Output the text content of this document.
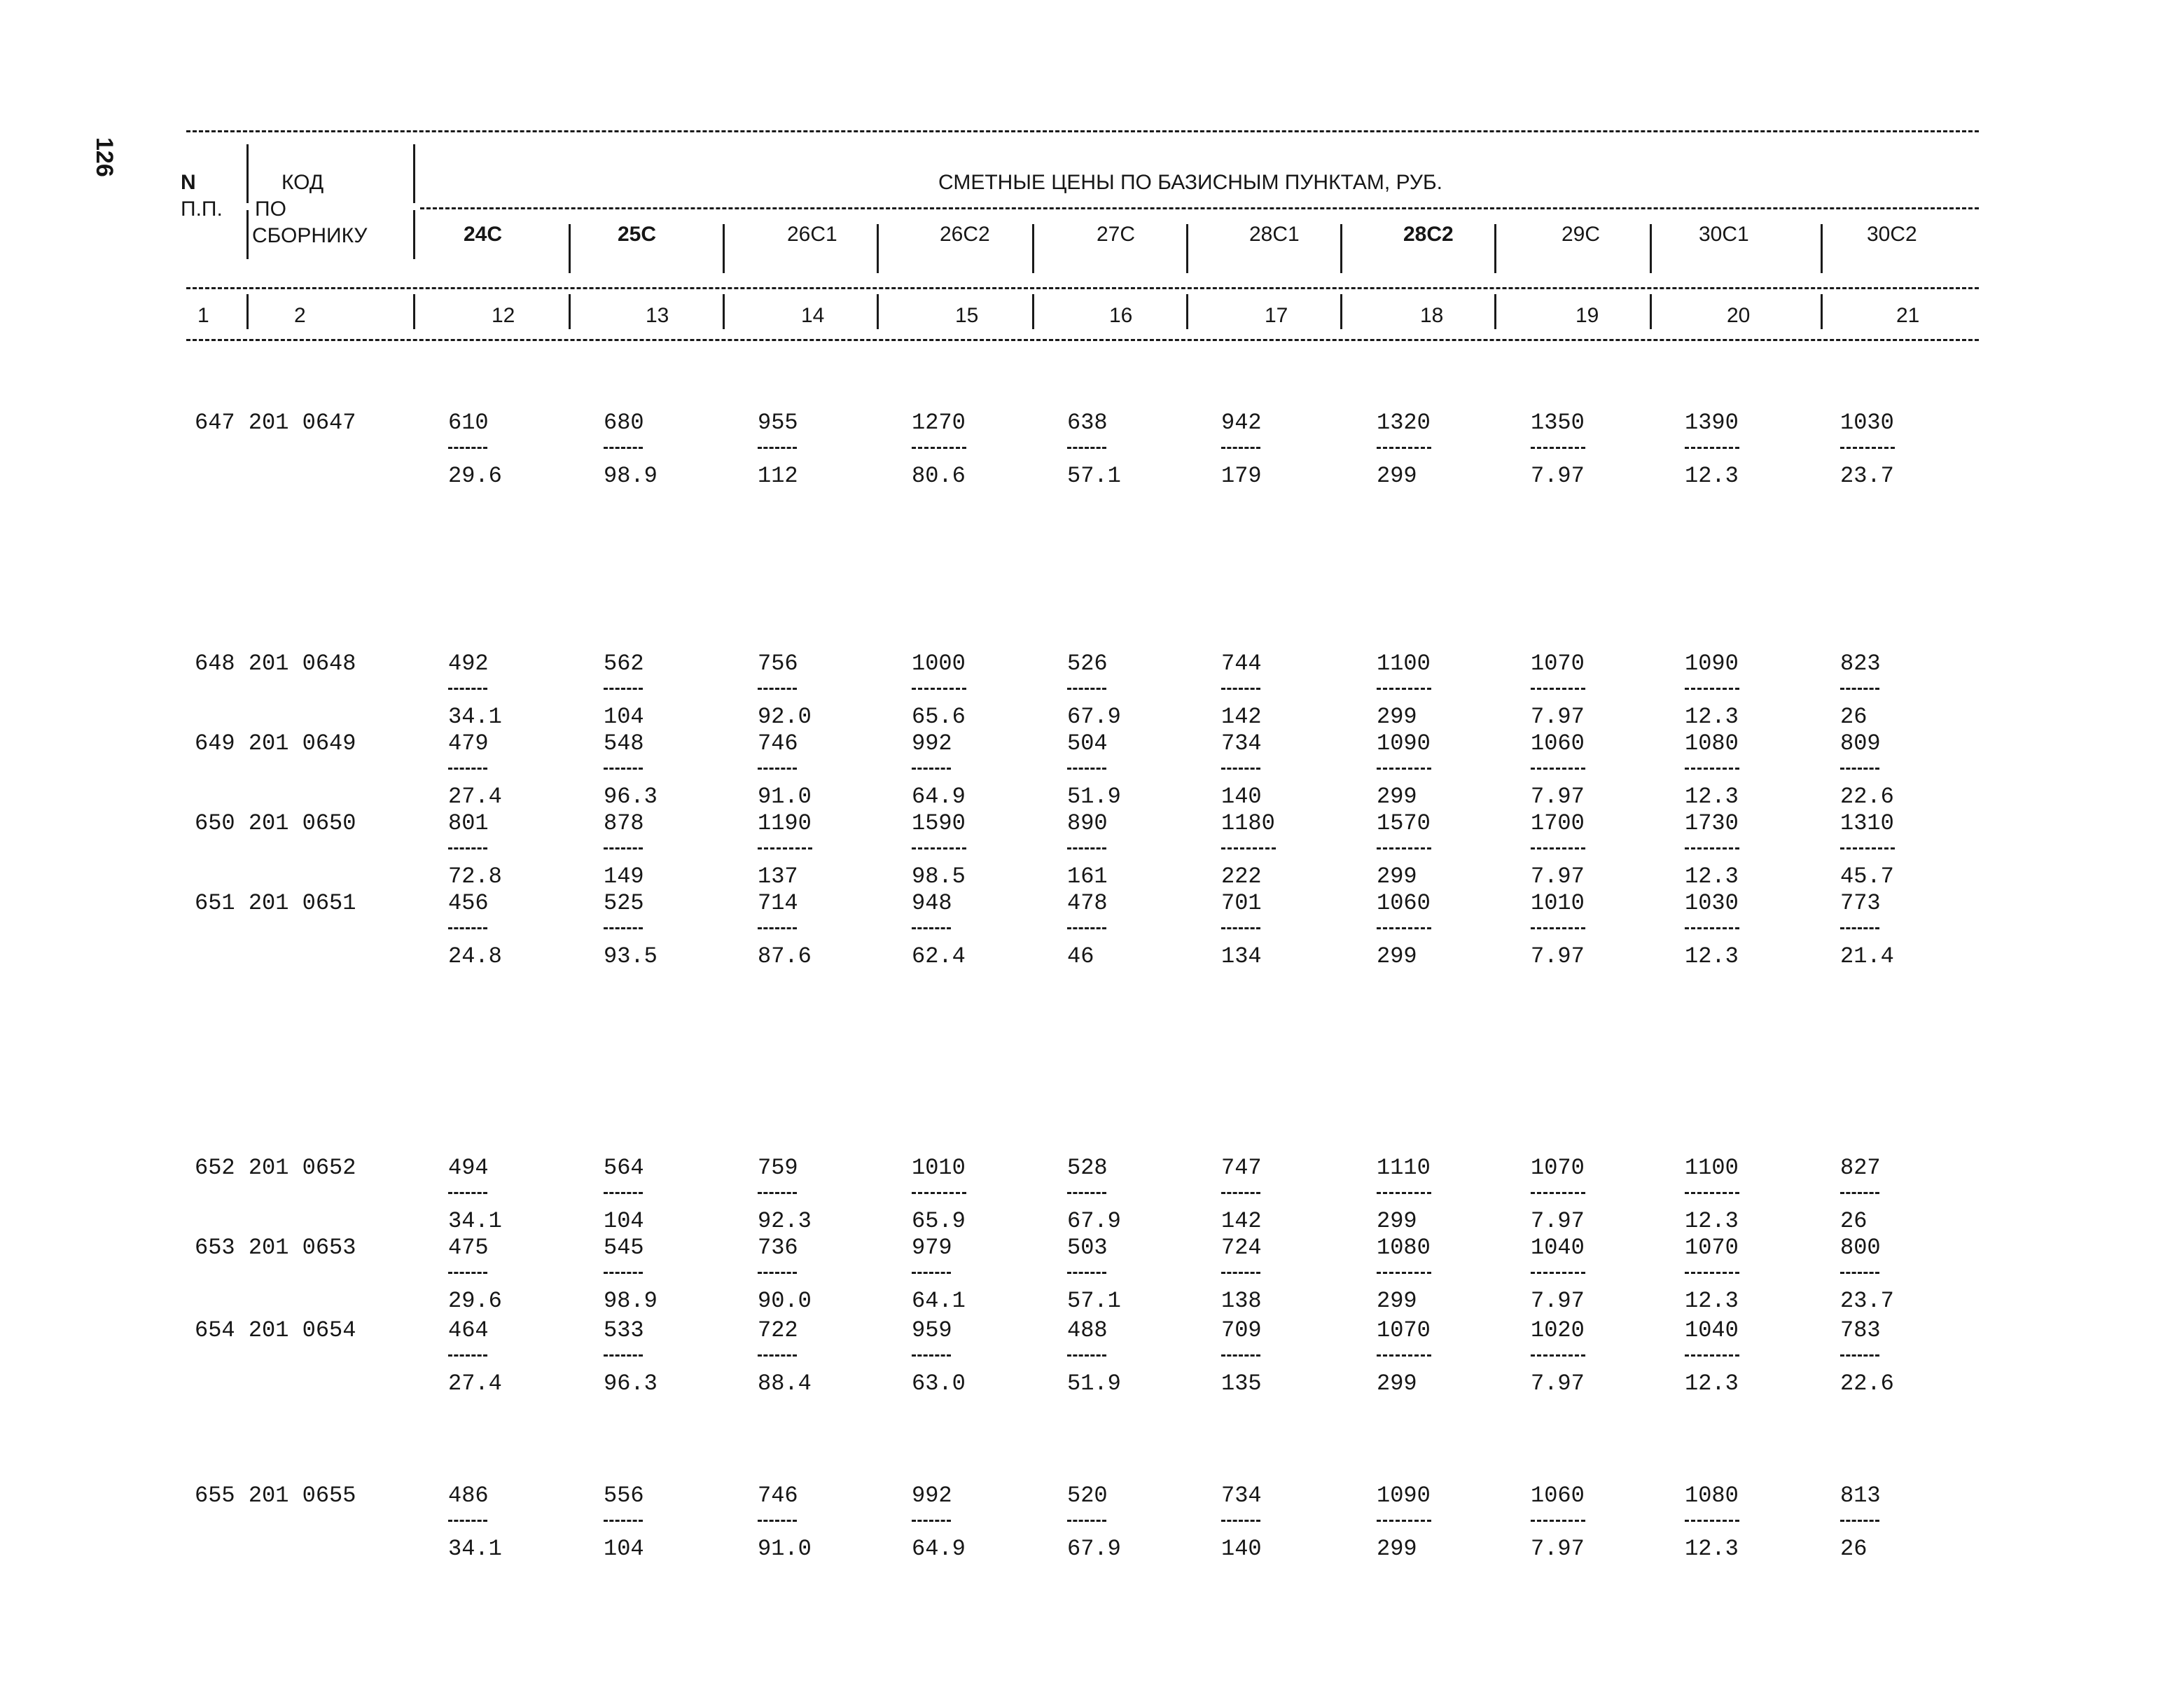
126
N
П.П.
КОД
ПО
СБОРНИКУ
СМЕТНЫЕ ЦЕНЫ ПО БАЗИСНЫМ ПУНКТАМ, РУБ.
24С	25С	26С1	26С2	27С	28С1	28С2	29С	30С1	30С2
1	2	12	13	14	15	16	17	18	19	20	21
647 201 0647	610	680	955	1270	638	942	1320	1350	1390	1030
29.6	98.9	112	80.6	57.1	179	299	7.97	12.3	23.7
648 201 0648	492	562	756	1000	526	744	1100	1070	1090	823
34.1	104	92.0	65.6	67.9	142	299	7.97	12.3	26
649 201 0649	479	548	746	992	504	734	1090	1060	1080	809
27.4	96.3	91.0	64.9	51.9	140	299	7.97	12.3	22.6
650 201 0650	801	878	1190	1590	890	1180	1570	1700	1730	1310
72.8	149	137	98.5	161	222	299	7.97	12.3	45.7
651 201 0651	456	525	714	948	478	701	1060	1010	1030	773
24.8	93.5	87.6	62.4	46	134	299	7.97	12.3	21.4
652 201 0652	494	564	759	1010	528	747	1110	1070	1100	827
34.1	104	92.3	65.9	67.9	142	299	7.97	12.3	26
653 201 0653	475	545	736	979	503	724	1080	1040	1070	800
29.6	98.9	90.0	64.1	57.1	138	299	7.97	12.3	23.7
654 201 0654	464	533	722	959	488	709	1070	1020	1040	783
27.4	96.3	88.4	63.0	51.9	135	299	7.97	12.3	22.6
655 201 0655	486	556	746	992	520	734	1090	1060	1080	813
34.1	104	91.0	64.9	67.9	140	299	7.97	12.3	26
